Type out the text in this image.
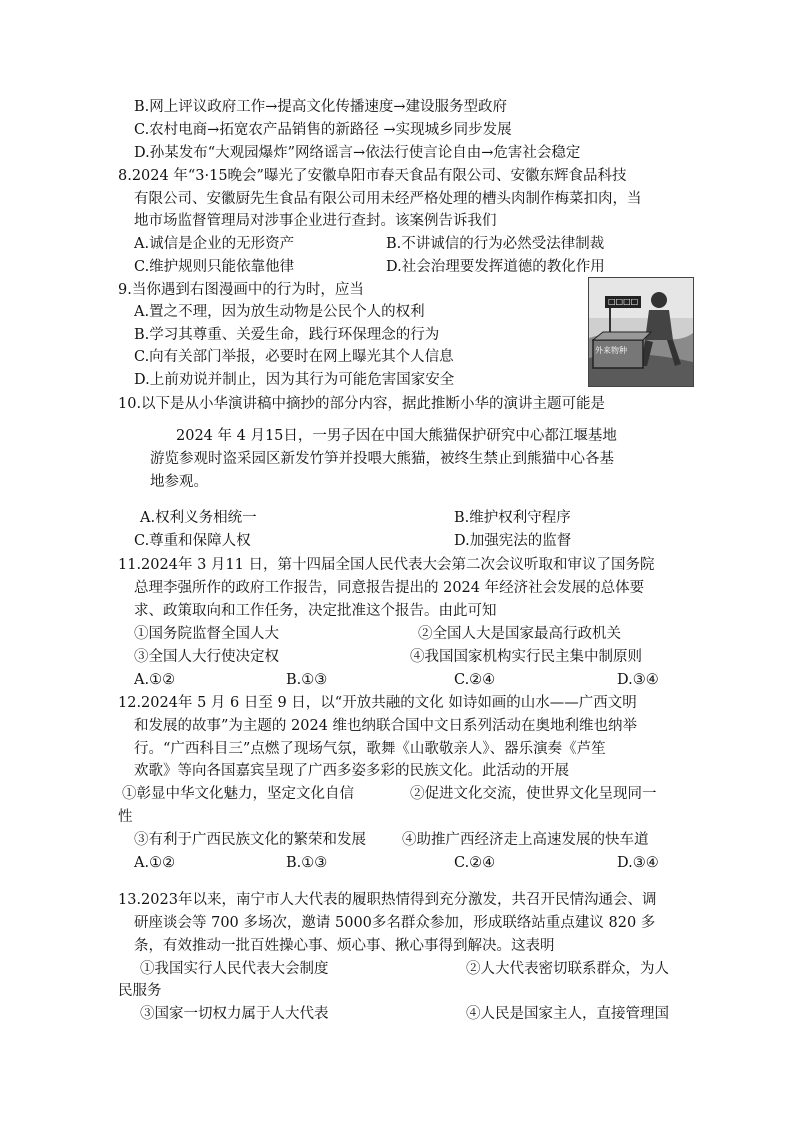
B.网上评议政府工作→提高文化传播速度→建设服务型政府
C.农村电商→拓宽农产品销售的新路径 →实现城乡同步发展
D.孙某发布“大观园爆炸”网络谣言→依法行使言论自由→危害社会稳定
8.2024 年“3·15晚会”曝光了安徽阜阳市春天食品有限公司、安徽东辉食品科技
有限公司、安徽厨先生食品有限公司用未经严格处理的槽头肉制作梅菜扣肉，当
地市场监督管理局对涉事企业进行查封。该案例告诉我们
A.诚信是企业的无形资产	B.不讲诚信的行为必然受法律制裁
C.维护规则只能依靠他律	D.社会治理要发挥道德的教化作用
9.当你遇到右图漫画中的行为时，应当
A.置之不理，因为放生动物是公民个人的权利
B.学习其尊重、关爱生命，践行环保理念的行为
C.向有关部门举报，必要时在网上曝光其个人信息
D.上前劝说并制止，因为其行为可能危害国家安全
□□□□
外来物种
10.以下是从小华演讲稿中摘抄的部分内容，据此推断小华的演讲主题可能是
2024 年 4 月15日，一男子因在中国大熊猫保护研究中心都江堰基地
游览参观时盗采园区新发竹笋并投喂大熊猫，被终生禁止到熊猫中心各基
地参观。
A.权利义务相统一	B.维护权利守程序
C.尊重和保障人权	D.加强宪法的监督
11.2024年 3 月11 日，第十四届全国人民代表大会第二次会议听取和审议了国务院
总理李强所作的政府工作报告，同意报告提出的 2024 年经济社会发展的总体要
求、政策取向和工作任务，决定批准这个报告。由此可知
①国务院监督全国人大	②全国人大是国家最高行政机关
③全国人大行使决定权	④我国国家机构实行民主集中制原则
A.①②	B.①③	C.②④	D.③④
12.2024年 5 月 6 日至 9 日，以“开放共融的文化 如诗如画的山水——广西文明
和发展的故事”为主题的 2024 维也纳联合国中文日系列活动在奥地利维也纳举
行。“广西科目三”点燃了现场气氛，歌舞《山歌敬亲人》、器乐演奏《芦笙
欢歌》等向各国嘉宾呈现了广西多姿多彩的民族文化。此活动的开展
①彰显中华文化魅力，坚定文化自信	②促进文化交流，使世界文化呈现同一
性
③有利于广西民族文化的繁荣和发展 ④助推广西经济走上高速发展的快车道
A.①②	B.①③	C.②④	D.③④
13.2023年以来，南宁市人大代表的履职热情得到充分激发，共召开民情沟通会、调
研座谈会等 700 多场次，邀请 5000多名群众参加，形成联络站重点建议 820 多
条，有效推动一批百姓操心事、烦心事、揪心事得到解决。这表明
①我国实行人民代表大会制度	②人大代表密切联系群众，为人
民服务
③国家一切权力属于人大代表	④人民是国家主人，直接管理国
